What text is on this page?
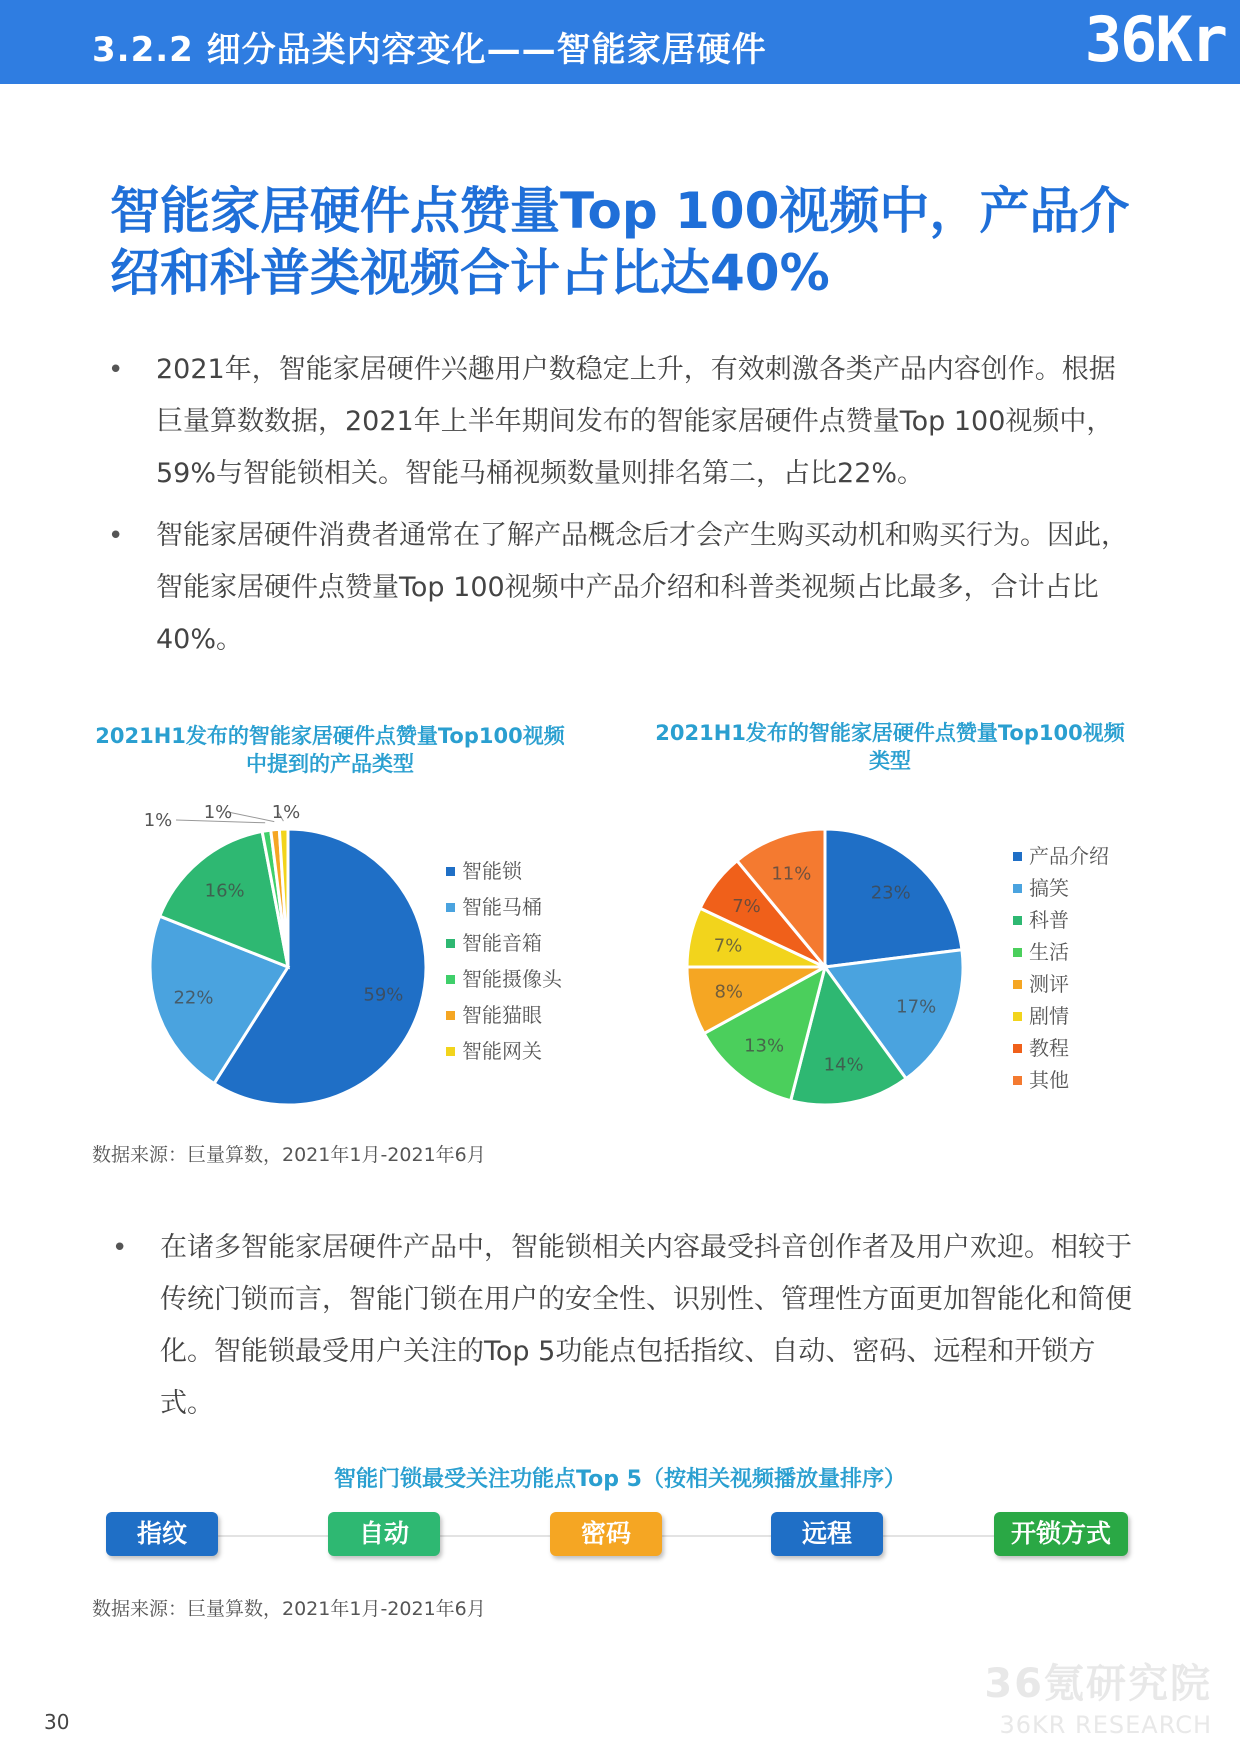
3.2.2 细分品类内容变化——智能家居硬件	36Kr
智能家居硬件点赞量Top 100视频中，产品介绍和科普类视频合计占比达40%
• 2021年，智能家居硬件兴趣用户数稳定上升，有效刺激各类产品内容创作。根据巨量算数数据，2021年上半年期间发布的智能家居硬件点赞量Top 100视频中，59%与智能锁相关。智能马桶视频数量则排名第二，占比22%。
• 智能家居硬件消费者通常在了解产品概念后才会产生购买动机和购买行为。因此，智能家居硬件点赞量Top 100视频中产品介绍和科普类视频占比最多，合计占比40%。
2021H1发布的智能家居硬件点赞量Top100视频中提到的产品类型
59%
22%
16%
1% 1% 1%
23%
17%
14%
13%
8%
7%
7%
11%
智能锁
智能马桶
智能音箱
智能摄像头
智能猫眼
智能网关
2021H1发布的智能家居硬件点赞量Top100视频类型
产品介绍
搞笑
科普
生活
测评
剧情
教程
其他
数据来源：巨量算数，2021年1月-2021年6月
• 在诸多智能家居硬件产品中，智能锁相关内容最受抖音创作者及用户欢迎。相较于传统门锁而言，智能门锁在用户的安全性、识别性、管理性方面更加智能化和简便化。智能锁最受用户关注的Top 5功能点包括指纹、自动、密码、远程和开锁方式。
智能门锁最受关注功能点Top 5（按相关视频播放量排序）
指纹	自动	密码	远程	开锁方式
数据来源：巨量算数，2021年1月-2021年6月
36氪研究院
36KR RESEARCH
30
